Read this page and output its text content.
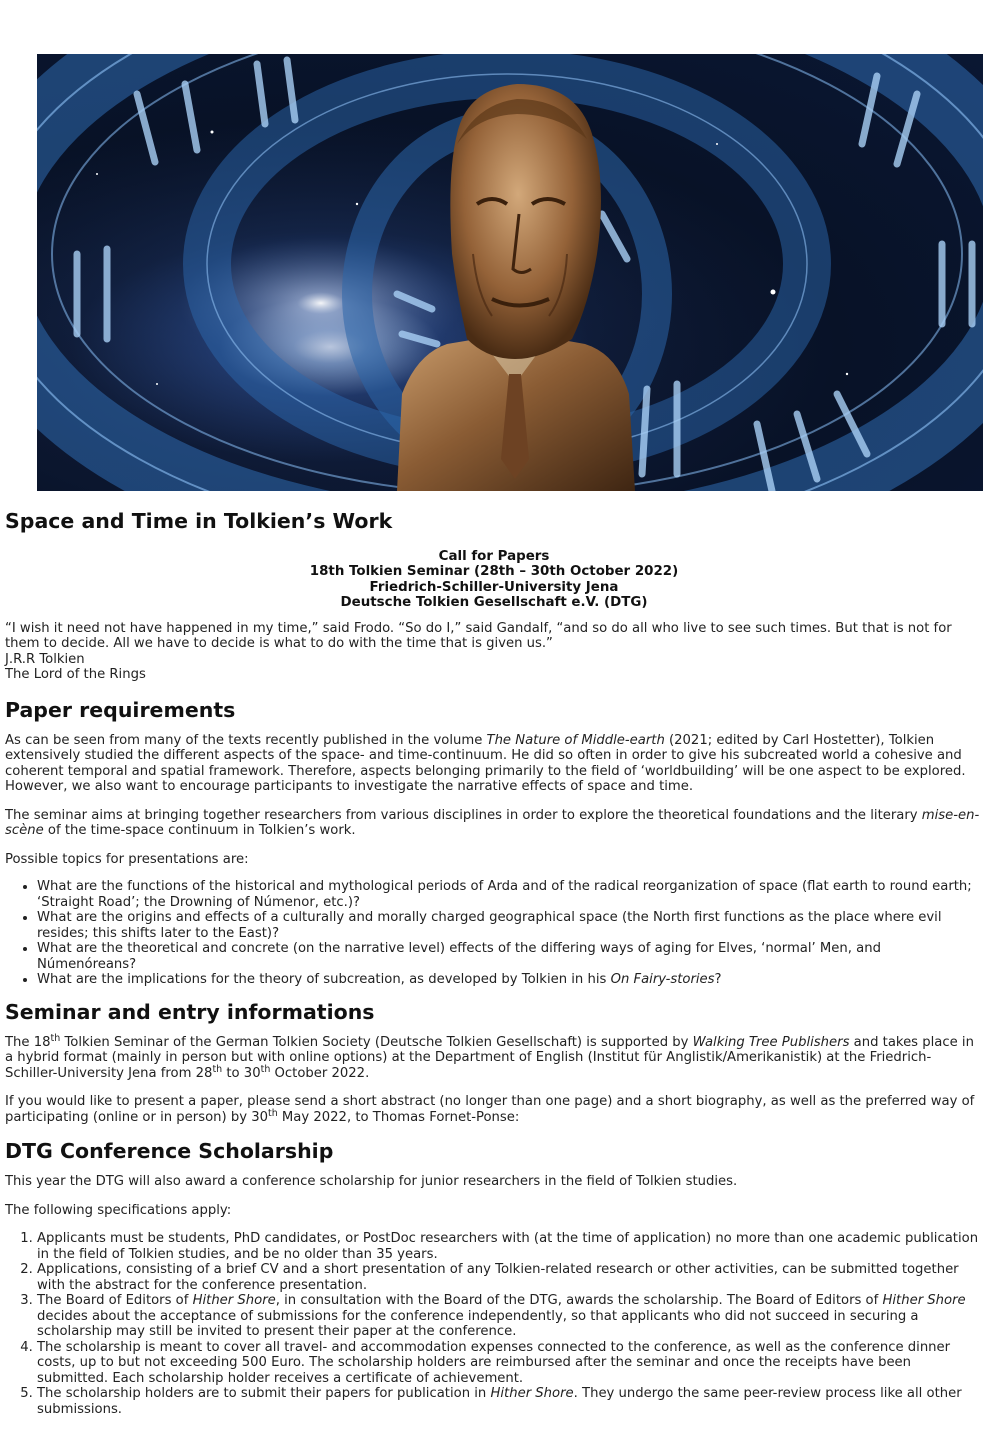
Space and Time in Tolkien’s Work
Call for Papers
18th Tolkien Seminar (28th – 30th October 2022)
Friedrich-Schiller-University Jena
Deutsche Tolkien Gesellschaft e.V. (DTG)
“I wish it need not have happened in my time,” said Frodo. “So do I,” said Gandalf, “and so do all who live to see such times. But that is not for them to decide. All we have to decide is what to do with the time that is given us.”
J.R.R Tolkien
The Lord of the Rings
Paper requirements

As can be seen from many of the texts recently published in the volume The Nature of Middle-earth (2021; edited by Carl Hostetter), Tolkien extensively studied the different aspects of the space- and time-continuum. He did so often in order to give his subcreated world a cohesive and coherent temporal and spatial framework. Therefore, aspects belonging primarily to the field of ‘worldbuilding’ will be one aspect to be explored. However, we also want to encourage participants to investigate the narrative effects of space and time.

The seminar aims at bringing together researchers from various disciplines in order to explore the theoretical foundations and the literary mise-en-scène of the time-space continuum in Tolkien’s work.

Possible topics for presentations are:

• What are the functions of the historical and mythological periods of Arda and of the radical reorganization of space (flat earth to round earth; ‘Straight Road’; the Drowning of Númenor, etc.)?
• What are the origins and effects of a culturally and morally charged geographical space (the North first functions as the place where evil resides; this shifts later to the East)?
• What are the theoretical and concrete (on the narrative level) effects of the differing ways of aging for Elves, ‘normal’ Men, and Númenóreans?
• What are the implications for the theory of subcreation, as developed by Tolkien in his On Fairy-stories?
Seminar and entry informations

The 18th Tolkien Seminar of the German Tolkien Society (Deutsche Tolkien Gesellschaft) is supported by Walking Tree Publishers and takes place in a hybrid format (mainly in person but with online options) at the Department of English (Institut für Anglistik/Amerikanistik) at the Friedrich-Schiller-University Jena from 28th to 30th October 2022.

If you would like to present a paper, please send a short abstract (no longer than one page) and a short biography, as well as the preferred way of participating (online or in person) by 30th May 2022, to Thomas Fornet-Ponse:

DTG Conference Scholarship

This year the DTG will also award a conference scholarship for junior researchers in the field of Tolkien studies.

The following specifications apply:

1. Applicants must be students, PhD candidates, or PostDoc researchers with (at the time of application) no more than one academic publication in the field of Tolkien studies, and be no older than 35 years.
2. Applications, consisting of a brief CV and a short presentation of any Tolkien-related research or other activities, can be submitted together with the abstract for the conference presentation.
3. The Board of Editors of Hither Shore, in consultation with the Board of the DTG, awards the scholarship. The Board of Editors of Hither Shore decides about the acceptance of submissions for the conference independently, so that applicants who did not succeed in securing a scholarship may still be invited to present their paper at the conference.
4. The scholarship is meant to cover all travel- and accommodation expenses connected to the conference, as well as the conference dinner costs, up to but not exceeding 500 Euro. The scholarship holders are reimbursed after the seminar and once the receipts have been submitted. Each scholarship holder receives a certificate of achievement.
5. The scholarship holders are to submit their papers for publication in Hither Shore. They undergo the same peer-review process like all other submissions.
